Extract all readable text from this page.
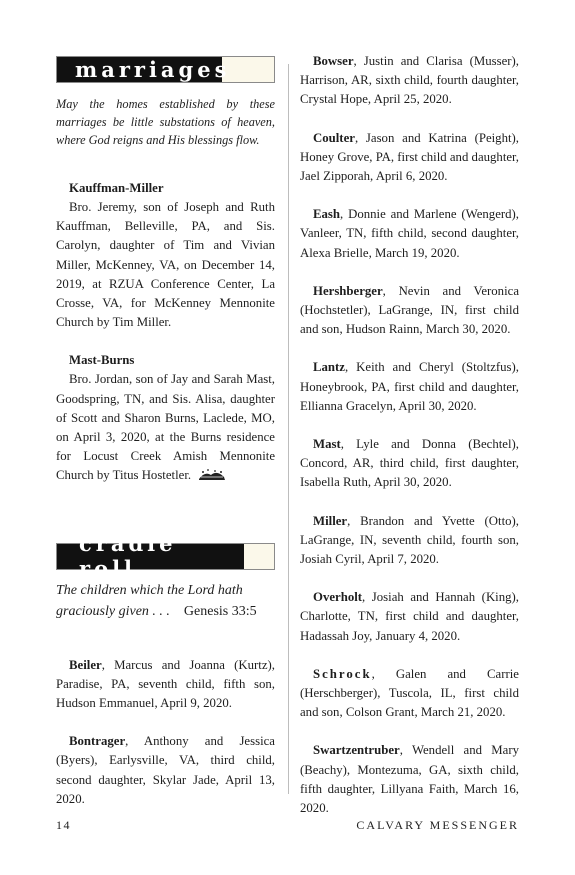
marriages

May the homes established by these marriages be little substations of heaven, where God reigns and His blessings flow.

Kauffman-Miller

Bro. Jeremy, son of Joseph and Ruth Kauffman, Belleville, PA, and Sis. Carolyn, daughter of Tim and Vivian Miller, McKenney, VA, on December 14, 2019, at RZUA Conference Center, La Crosse, VA, for McKenney Mennonite Church by Tim Miller.

Mast-Burns

Bro. Jordan, son of Jay and Sarah Mast, Goodspring, TN, and Sis. Alisa, daughter of Scott and Sharon Burns, Laclede, MO, on April 3, 2020, at the Burns residence for Locust Creek Amish Mennonite Church by Titus Hostetler.

cradle roll

The children which the Lord hath graciously given . . . Genesis 33:5

Beiler, Marcus and Joanna (Kurtz), Paradise, PA, seventh child, fifth son, Hudson Emmanuel, April 9, 2020.

Bontrager, Anthony and Jessica (Byers), Earlysville, VA, third child, second daughter, Skylar Jade, April 13, 2020.

Bowser, Justin and Clarisa (Musser), Harrison, AR, sixth child, fourth daughter, Crystal Hope, April 25, 2020.

Coulter, Jason and Katrina (Peight), Honey Grove, PA, first child and daughter, Jael Zipporah, April 6, 2020.

Eash, Donnie and Marlene (Wengerd), Vanleer, TN, fifth child, second daughter, Alexa Brielle, March 19, 2020.

Hershberger, Nevin and Veronica (Hochstetler), LaGrange, IN, first child and son, Hudson Rainn, March 30, 2020.

Lantz, Keith and Cheryl (Stoltzfus), Honeybrook, PA, first child and daughter, Ellianna Gracelyn, April 30, 2020.

Mast, Lyle and Donna (Bechtel), Concord, AR, third child, first daughter, Isabella Ruth, April 30, 2020.

Miller, Brandon and Yvette (Otto), LaGrange, IN, seventh child, fourth son, Josiah Cyril, April 7, 2020.

Overholt, Josiah and Hannah (King), Charlotte, TN, first child and daughter, Hadassah Joy, January 4, 2020.

Schrock, Galen and Carrie (Herschberger), Tuscola, IL, first child and son, Colson Grant, March 21, 2020.

Swartzentruber, Wendell and Mary (Beachy), Montezuma, GA, sixth child, fifth daughter, Lillyana Faith, March 16, 2020.

14	CALVARY MESSENGER
